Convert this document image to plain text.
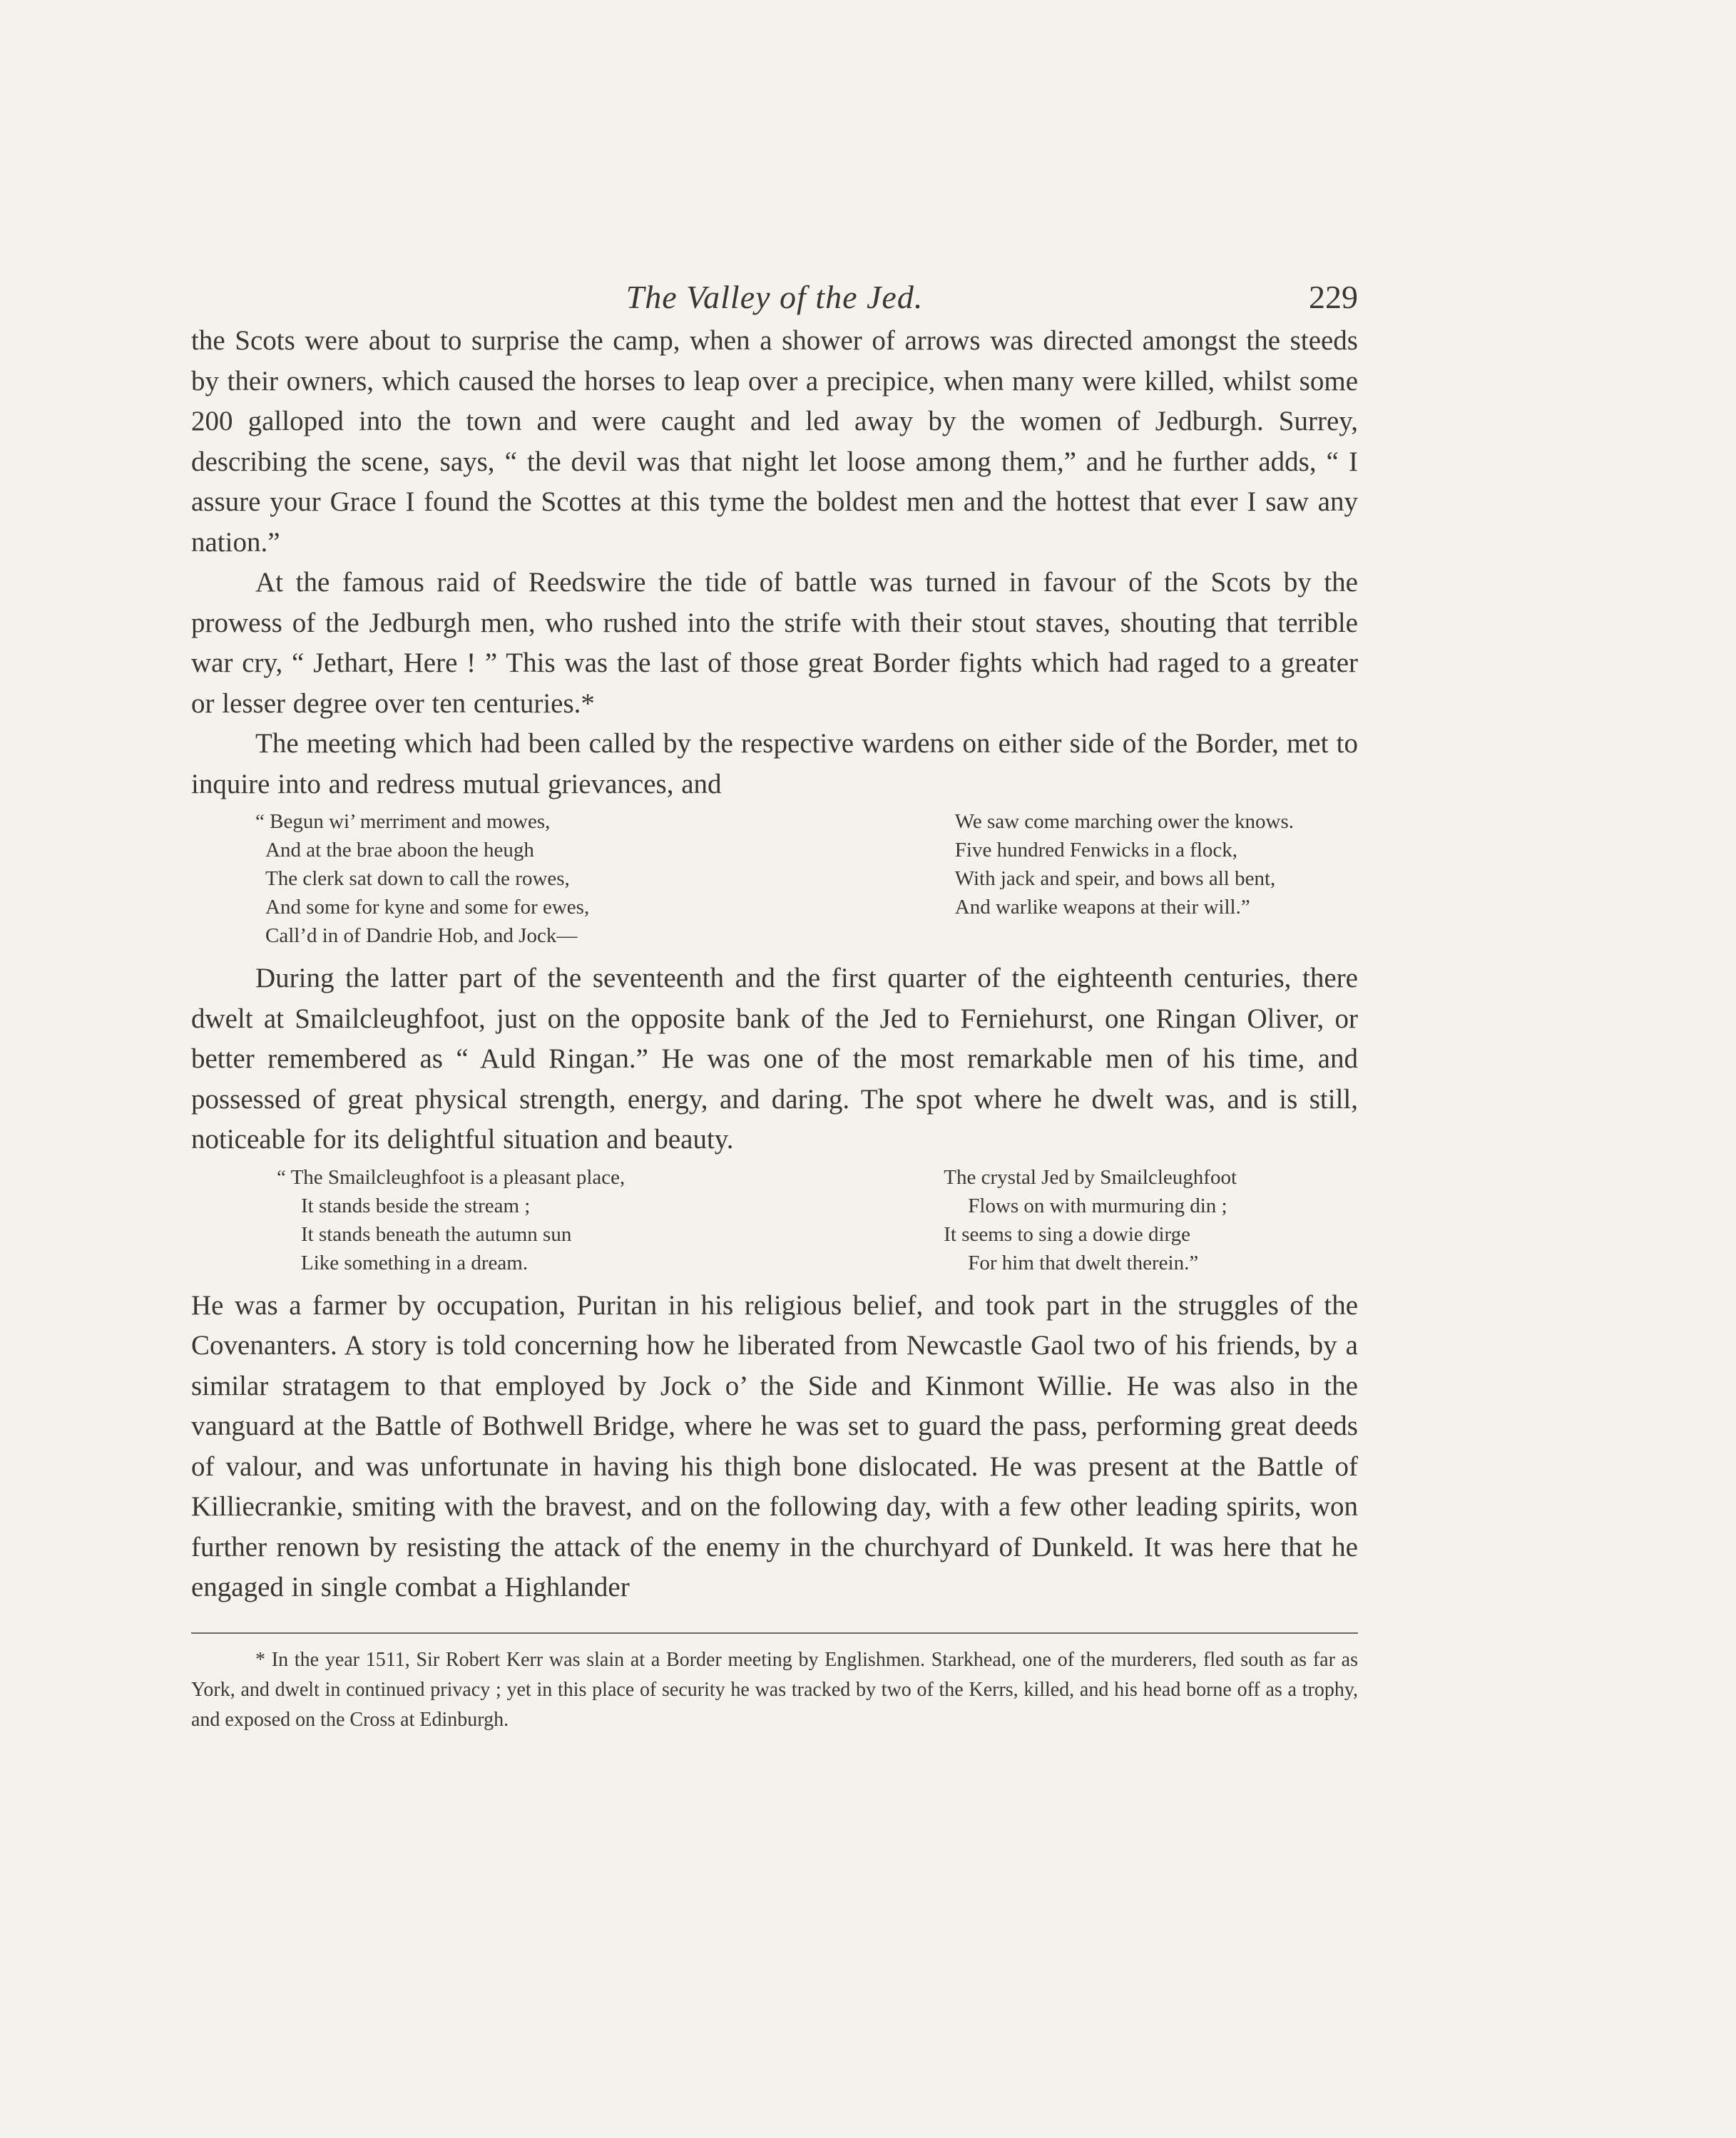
The Valley of the Jed.	229

the Scots were about to surprise the camp, when a shower of arrows was directed amongst the steeds by their owners, which caused the horses to leap over a precipice, when many were killed, whilst some 200 galloped into the town and were caught and led away by the women of Jedburgh. Surrey, describing the scene, says, “ the devil was that night let loose among them,” and he further adds, “ I assure your Grace I found the Scottes at this tyme the boldest men and the hottest that ever I saw any nation.”

At the famous raid of Reedswire the tide of battle was turned in favour of the Scots by the prowess of the Jedburgh men, who rushed into the strife with their stout staves, shouting that terrible war cry, “ Jethart, Here ! ” This was the last of those great Border fights which had raged to a greater or lesser degree over ten centuries.*

The meeting which had been called by the respective wardens on either side of the Border, met to inquire into and redress mutual grievances, and

“ Begun wi’ merriment and mowes,
And at the brae aboon the heugh
The clerk sat down to call the rowes,
And some for kyne and some for ewes,
Call’d in of Dandrie Hob, and Jock—
We saw come marching ower the knows.
Five hundred Fenwicks in a flock,
With jack and speir, and bows all bent,
And warlike weapons at their will.”

During the latter part of the seventeenth and the first quarter of the eighteenth centuries, there dwelt at Smailcleughfoot, just on the opposite bank of the Jed to Ferniehurst, one Ringan Oliver, or better remembered as “ Auld Ringan.” He was one of the most remarkable men of his time, and possessed of great physical strength, energy, and daring. The spot where he dwelt was, and is still, noticeable for its delightful situation and beauty.

“ The Smailcleughfoot is a pleasant place,
It stands beside the stream ;
It stands beneath the autumn sun
Like something in a dream.
The crystal Jed by Smailcleughfoot
Flows on with murmuring din ;
It seems to sing a dowie dirge
For him that dwelt therein.”

He was a farmer by occupation, Puritan in his religious belief, and took part in the struggles of the Covenanters. A story is told concerning how he liberated from Newcastle Gaol two of his friends, by a similar stratagem to that employed by Jock o’ the Side and Kinmont Willie. He was also in the vanguard at the Battle of Bothwell Bridge, where he was set to guard the pass, performing great deeds of valour, and was unfortunate in having his thigh bone dislocated. He was present at the Battle of Killiecrankie, smiting with the bravest, and on the following day, with a few other leading spirits, won further renown by resisting the attack of the enemy in the churchyard of Dunkeld. It was here that he engaged in single combat a Highlander

* In the year 1511, Sir Robert Kerr was slain at a Border meeting by Englishmen. Starkhead, one of the murderers, fled south as far as York, and dwelt in continued privacy ; yet in this place of security he was tracked by two of the Kerrs, killed, and his head borne off as a trophy, and exposed on the Cross at Edinburgh.
